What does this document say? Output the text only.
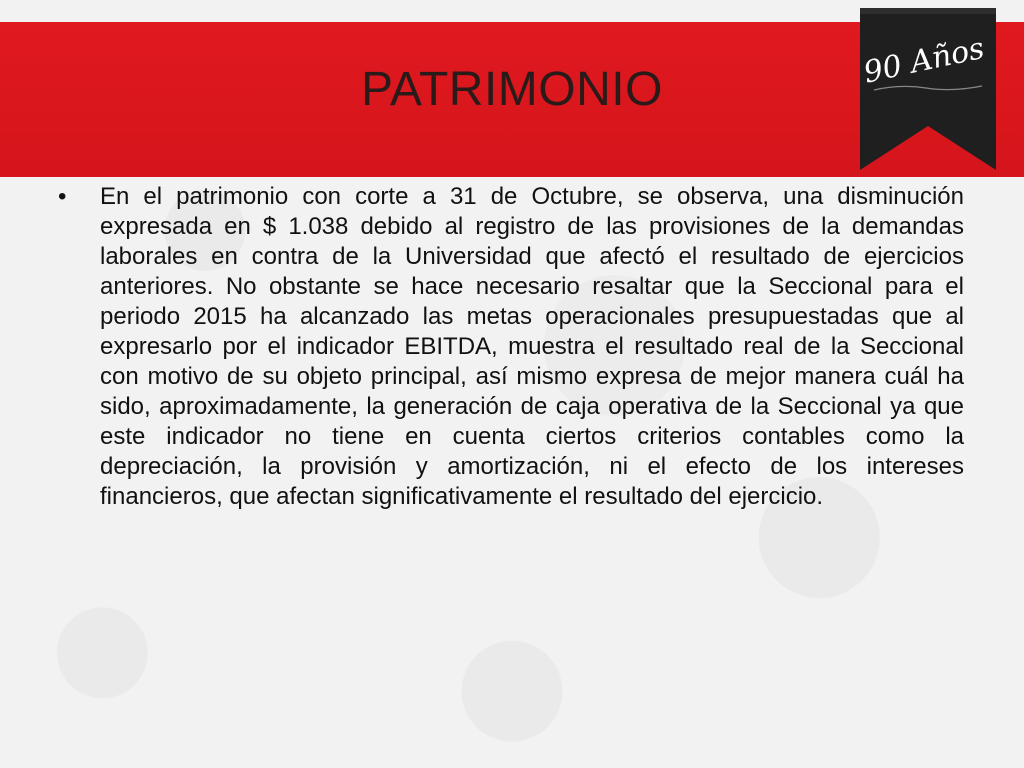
PATRIMONIO	90 Años
•	En el patrimonio con corte a 31 de Octubre, se observa, una disminución expresada en $ 1.038 debido al registro de las provisiones de la demandas laborales en contra de la Universidad que afectó el resultado de ejercicios anteriores. No obstante se hace necesario resaltar que la Seccional para el periodo 2015 ha alcanzado las metas operacionales presupuestadas que al expresarlo por el indicador EBITDA, muestra el resultado real de la Seccional con motivo de su objeto principal, así mismo expresa de mejor manera cuál ha sido, aproximadamente, la generación de caja operativa de la Seccional ya que este indicador no tiene en cuenta ciertos criterios contables como la depreciación, la provisión y amortización, ni el efecto de los intereses financieros, que afectan significativamente el resultado del ejercicio.
